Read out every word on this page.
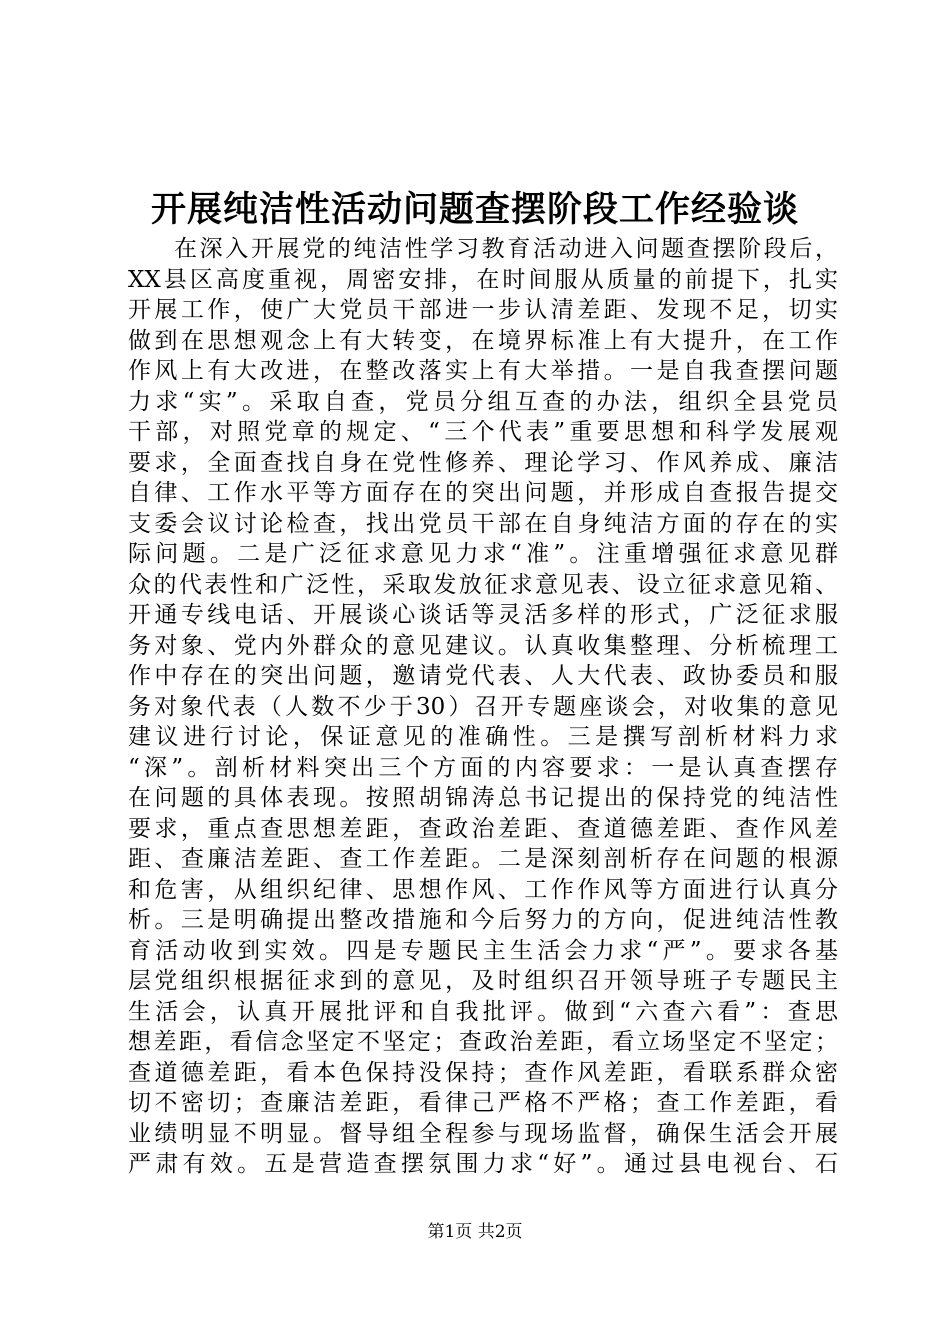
开展纯洁性活动问题查摆阶段工作经验谈
在深入开展党的纯洁性学习教育活动进入问题查摆阶段后，
XX县区高度重视，周密安排，在时间服从质量的前提下，扎实
开展工作，使广大党员干部进一步认清差距、发现不足，切实
做到在思想观念上有大转变，在境界标准上有大提升，在工作
作风上有大改进，在整改落实上有大举措。一是自我查摆问题
力求“实”。采取自查，党员分组互查的办法，组织全县党员
干部，对照党章的规定、“三个代表”重要思想和科学发展观
要求，全面查找自身在党性修养、理论学习、作风养成、廉洁
自律、工作水平等方面存在的突出问题，并形成自查报告提交
支委会议讨论检查，找出党员干部在自身纯洁方面的存在的实
际问题。二是广泛征求意见力求“准”。注重增强征求意见群
众的代表性和广泛性，采取发放征求意见表、设立征求意见箱、
开通专线电话、开展谈心谈话等灵活多样的形式，广泛征求服
务对象、党内外群众的意见建议。认真收集整理、分析梳理工
作中存在的突出问题，邀请党代表、人大代表、政协委员和服
务对象代表（人数不少于30）召开专题座谈会，对收集的意见
建议进行讨论，保证意见的准确性。三是撰写剖析材料力求
“深”。剖析材料突出三个方面的内容要求：一是认真查摆存
在问题的具体表现。按照胡锦涛总书记提出的保持党的纯洁性
要求，重点查思想差距，查政治差距、查道德差距、查作风差
距、查廉洁差距、查工作差距。二是深刻剖析存在问题的根源
和危害，从组织纪律、思想作风、工作作风等方面进行认真分
析。三是明确提出整改措施和今后努力的方向，促进纯洁性教
育活动收到实效。四是专题民主生活会力求“严”。要求各基
层党组织根据征求到的意见，及时组织召开领导班子专题民主
生活会，认真开展批评和自我批评。做到“六查六看”：查思
想差距，看信念坚定不坚定；查政治差距，看立场坚定不坚定；
查道德差距，看本色保持没保持；查作风差距，看联系群众密
切不密切；查廉洁差距，看律己严格不严格；查工作差距，看
业绩明显不明显。督导组全程参与现场监督，确保生活会开展
严肃有效。五是营造查摆氛围力求“好”。通过县电视台、石
第1页 共2页
